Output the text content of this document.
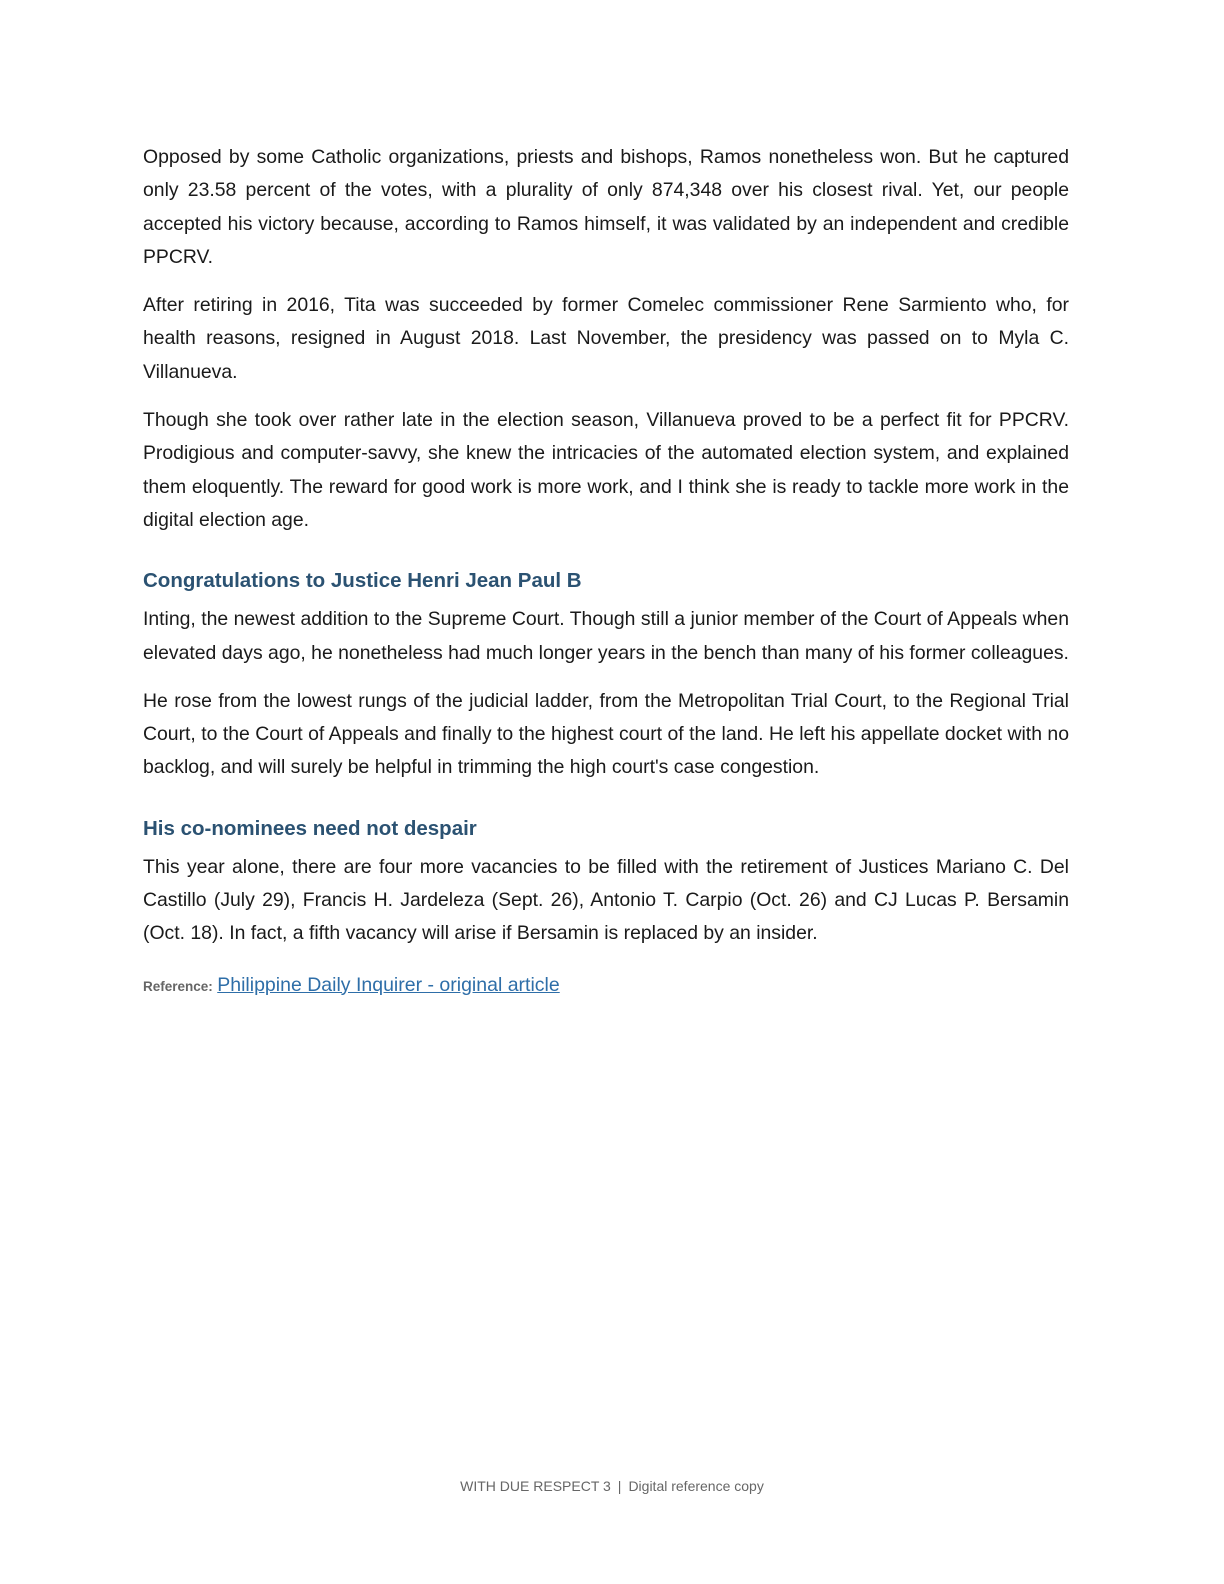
Opposed by some Catholic organizations, priests and bishops, Ramos nonetheless won. But he captured only 23.58 percent of the votes, with a plurality of only 874,348 over his closest rival. Yet, our people accepted his victory because, according to Ramos himself, it was validated by an independent and credible PPCRV.

After retiring in 2016, Tita was succeeded by former Comelec commissioner Rene Sarmiento who, for health reasons, resigned in August 2018. Last November, the presidency was passed on to Myla C. Villanueva.

Though she took over rather late in the election season, Villanueva proved to be a perfect fit for PPCRV. Prodigious and computer-savvy, she knew the intricacies of the automated election system, and explained them eloquently. The reward for good work is more work, and I think she is ready to tackle more work in the digital election age.

Congratulations to Justice Henri Jean Paul B

Inting, the newest addition to the Supreme Court. Though still a junior member of the Court of Appeals when elevated days ago, he nonetheless had much longer years in the bench than many of his former colleagues.

He rose from the lowest rungs of the judicial ladder, from the Metropolitan Trial Court, to the Regional Trial Court, to the Court of Appeals and finally to the highest court of the land. He left his appellate docket with no backlog, and will surely be helpful in trimming the high court's case congestion.

His co-nominees need not despair

This year alone, there are four more vacancies to be filled with the retirement of Justices Mariano C. Del Castillo (July 29), Francis H. Jardeleza (Sept. 26), Antonio T. Carpio (Oct. 26) and CJ Lucas P. Bersamin (Oct. 18). In fact, a fifth vacancy will arise if Bersamin is replaced by an insider.

Reference: Philippine Daily Inquirer - original article
WITH DUE RESPECT 3 | Digital reference copy
